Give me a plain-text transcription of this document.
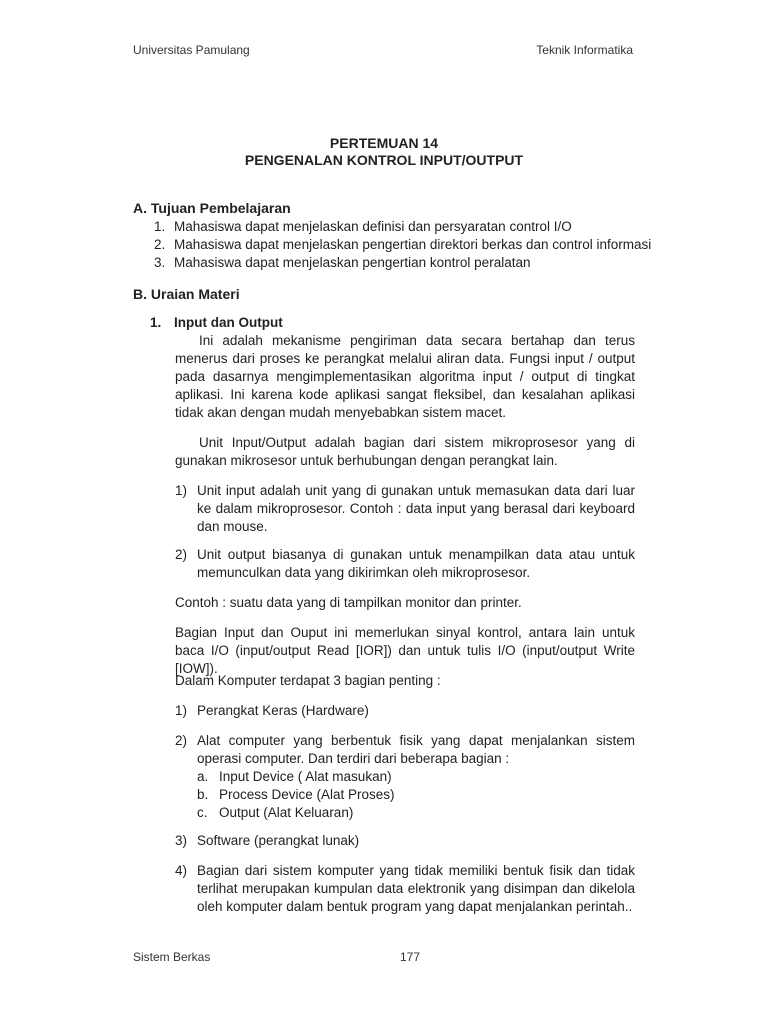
Universitas Pamulang	Teknik Informatika
PERTEMUAN 14
PENGENALAN KONTROL INPUT/OUTPUT
A. Tujuan Pembelajaran
1. Mahasiswa dapat menjelaskan definisi dan persyaratan control I/O
2. Mahasiswa dapat menjelaskan pengertian direktori berkas dan control informasi
3. Mahasiswa dapat menjelaskan pengertian kontrol peralatan
B. Uraian Materi
1. Input dan Output
Ini adalah mekanisme pengiriman data secara bertahap dan terus menerus dari proses ke perangkat melalui aliran data. Fungsi input / output pada dasarnya mengimplementasikan algoritma input / output di tingkat aplikasi. Ini karena kode aplikasi sangat fleksibel, dan kesalahan aplikasi tidak akan dengan mudah menyebabkan sistem macet.
Unit Input/Output adalah bagian dari sistem mikroprosesor yang di gunakan mikrosesor untuk berhubungan dengan perangkat lain.
1) Unit input adalah unit yang di gunakan untuk memasukan data dari luar ke dalam mikroprosesor. Contoh : data input yang berasal dari keyboard dan mouse.
2) Unit output biasanya di gunakan untuk menampilkan data atau untuk memunculkan data yang dikirimkan oleh mikroprosesor.
Contoh : suatu data yang di tampilkan monitor dan printer.
Bagian Input dan Ouput ini memerlukan sinyal kontrol, antara lain untuk baca I/O (input/output Read [IOR]) dan untuk tulis I/O (input/output Write [IOW]).
Dalam Komputer terdapat 3 bagian penting :
1) Perangkat Keras (Hardware)
2) Alat computer yang berbentuk fisik yang dapat menjalankan sistem operasi computer. Dan terdiri dari beberapa bagian :
a. Input Device ( Alat masukan)
b. Process Device (Alat Proses)
c. Output (Alat Keluaran)
3) Software (perangkat lunak)
4) Bagian dari sistem komputer yang tidak memiliki bentuk fisik dan tidak terlihat merupakan kumpulan data elektronik yang disimpan dan dikelola oleh komputer dalam bentuk program yang dapat menjalankan perintah..
Sistem Berkas	177
